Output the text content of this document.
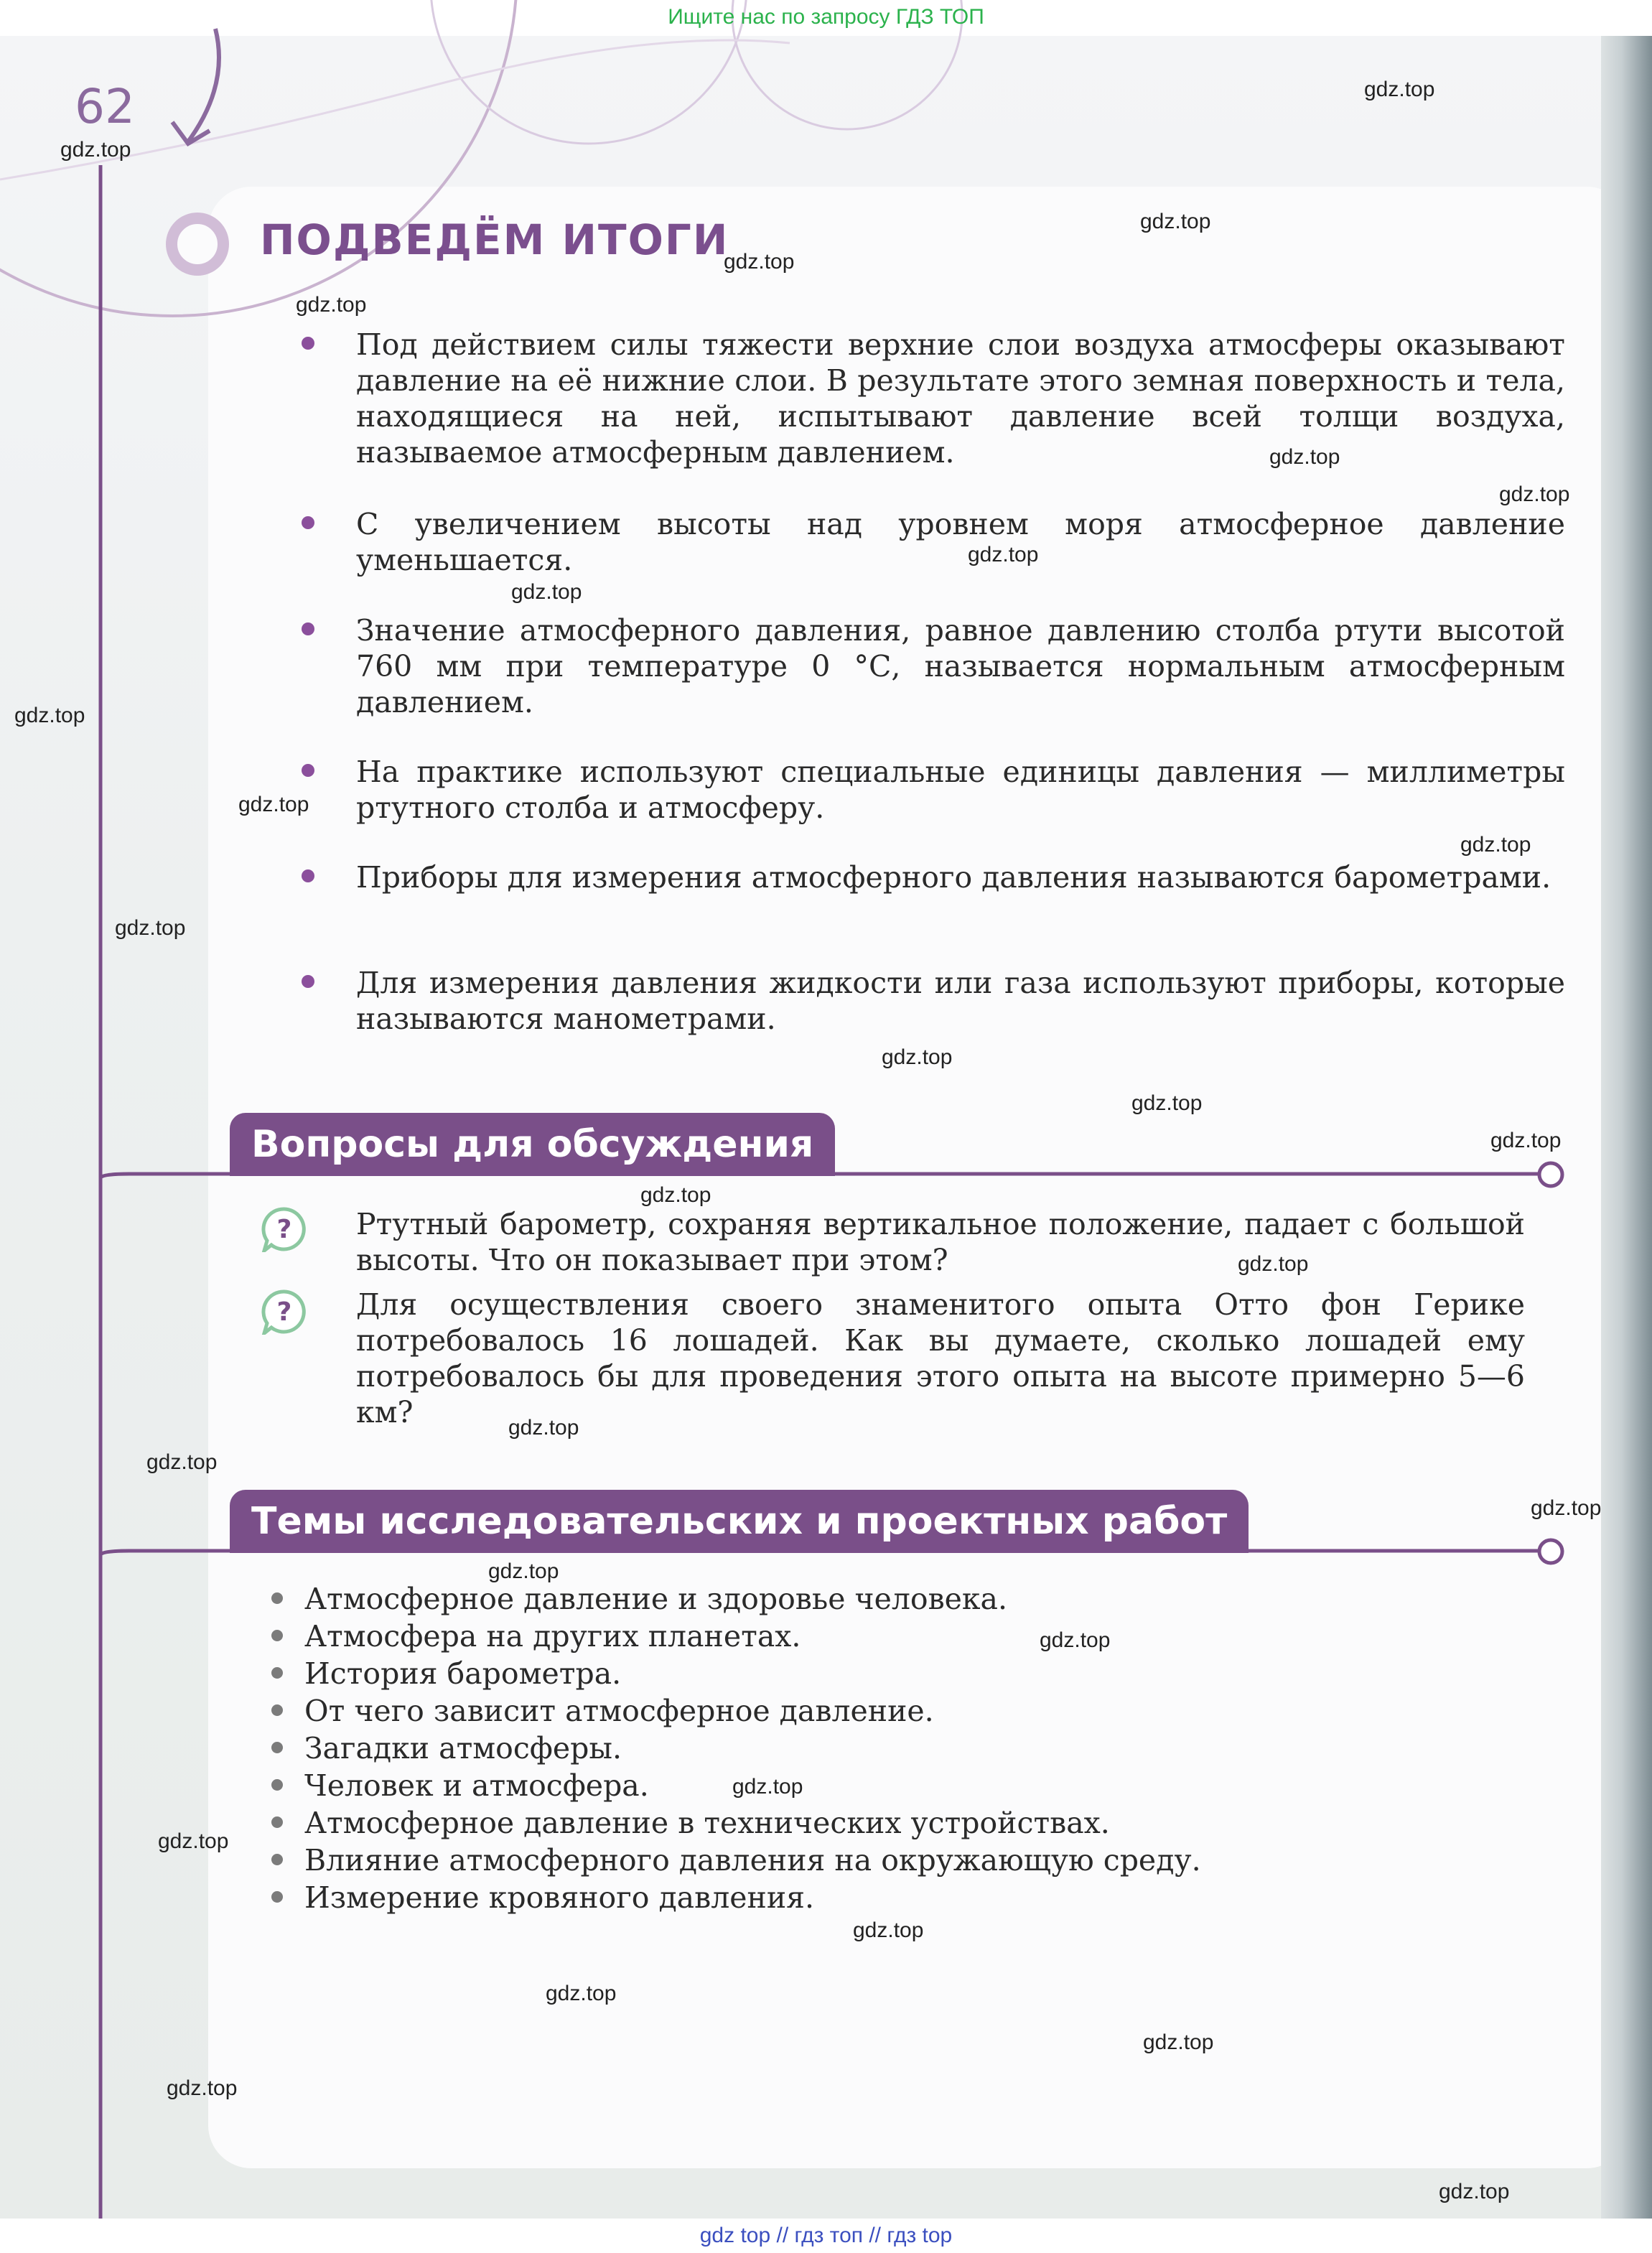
Ищите нас по запросу ГДЗ ТОП
62
ПОДВЕДЁМ ИТОГИ
Под действием силы тяжести верхние слои воздуха атмосферы оказывают давление на её нижние слои. В результате этого земная поверхность и тела, находящиеся на ней, испытывают давление всей толщи воздуха, называемое атмосферным давлением.
С увеличением высоты над уровнем моря атмосферное давление уменьшается.
Значение атмосферного давления, равное давлению столба ртути высотой 760 мм при температуре 0 °С, называется нормальным атмосферным давлением.
На практике используют специальные единицы давления — миллиметры ртутного столба и атмосферу.
Приборы для измерения атмосферного давления называются барометрами.
Для измерения давления жидкости или газа используют приборы, которые называются манометрами.
Вопросы для обсуждения
? Ртутный барометр, сохраняя вертикальное положение, падает с большой высоты. Что он показывает при этом?
? Для осуществления своего знаменитого опыта Отто фон Герике потребовалось 16 лошадей. Как вы думаете, сколько лошадей ему потребовалось бы для проведения этого опыта на высоте примерно 5—6 км?
Темы исследовательских и проектных работ
Атмосферное давление и здоровье человека.
Атмосфера на других планетах.
История барометра.
От чего зависит атмосферное давление.
Загадки атмосферы.
Человек и атмосфера.
Атмосферное давление в технических устройствах.
Влияние атмосферного давления на окружающую среду.
Измерение кровяного давления.
gdz.top
gdz.top
gdz.top
gdz.top
gdz.top
gdz.top
gdz.top
gdz.top
gdz.top
gdz.top
gdz.top
gdz.top
gdz.top
gdz.top
gdz.top
gdz.top
gdz.top
gdz.top
gdz.top
gdz.top
gdz.top
gdz.top
gdz.top
gdz.top
gdz.top
gdz.top
gdz.top
gdz.top
gdz.top
gdz.top
gdz top // гдз топ // гдз top
